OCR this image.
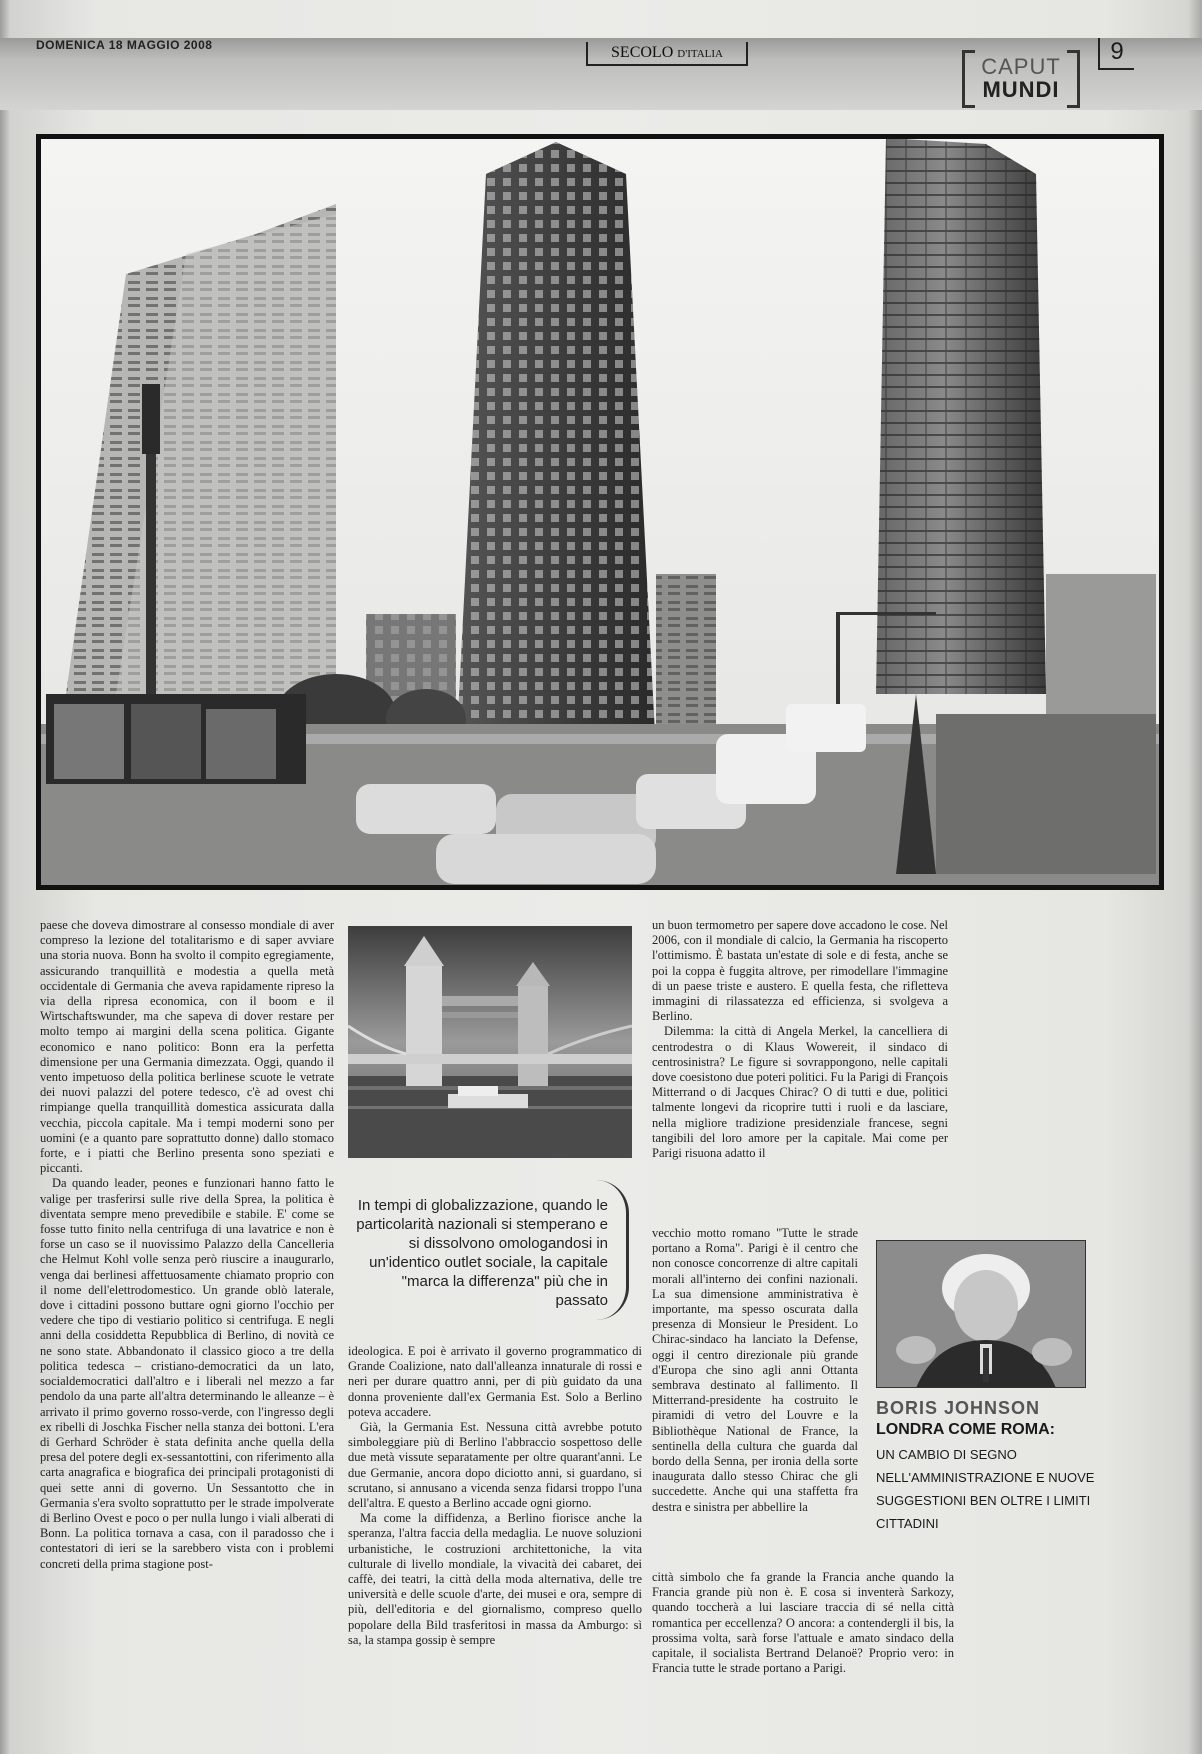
DOMENICA 18 MAGGIO 2008	SECOLO D'ITALIA	CAPUT
MUNDI
9

paese che doveva dimostrare al consesso mondiale di aver compreso la lezione del totalitarismo e di saper avviare una storia nuova. Bonn ha svolto il compito egregiamente, assicurando tranquillità e modestia a quella metà occidentale di Germania che aveva rapidamente ripreso la via della ripresa economica, con il boom e il Wirtschaftswunder, ma che sapeva di dover restare per molto tempo ai margini della scena politica. Gigante economico e nano politico: Bonn era la perfetta dimensione per una Germania dimezzata. Oggi, quando il vento impetuoso della politica berlinese scuote le vetrate dei nuovi palazzi del potere tedesco, c'è ad ovest chi rimpiange quella tranquillità domestica assicurata dalla vecchia, piccola capitale. Ma i tempi moderni sono per uomini (e a quanto pare soprattutto donne) dallo stomaco forte, e i piatti che Berlino presenta sono speziati e piccanti.

Da quando leader, peones e funzionari hanno fatto le valige per trasferirsi sulle rive della Sprea, la politica è diventata sempre meno prevedibile e stabile. E' come se fosse tutto finito nella centrifuga di una lavatrice e non è forse un caso se il nuovissimo Palazzo della Cancelleria che Helmut Kohl volle senza però riuscire a inaugurarlo, venga dai berlinesi affettuosamente chiamato proprio con il nome dell'elettrodomestico. Un grande oblò laterale, dove i cittadini possono buttare ogni giorno l'occhio per vedere che tipo di vestiario politico si centrifuga. E negli anni della cosiddetta Repubblica di Berlino, di novità ce ne sono state. Abbandonato il classico gioco a tre della politica tedesca – cristiano-democratici da un lato, socialdemocratici dall'altro e i liberali nel mezzo a far pendolo da una parte all'altra determinando le alleanze – è arrivato il primo governo rosso-verde, con l'ingresso degli ex ribelli di Joschka Fischer nella stanza dei bottoni. L'era di Gerhard Schröder è stata definita anche quella della presa del potere degli ex-sessantottini, con riferimento alla carta anagrafica e biografica dei principali protagonisti di quei sette anni di governo. Un Sessantotto che in Germania s'era svolto soprattutto per le strade impolverate di Berlino Ovest e poco o per nulla lungo i viali alberati di Bonn. La politica tornava a casa, con il paradosso che i contestatori di ieri se la sarebbero vista con i problemi concreti della prima stagione post-

In tempi di globalizzazione, quando le particolarità nazionali si stemperano e si dissolvono omologandosi in un'identico outlet sociale, la capitale "marca la differenza" più che in passato

ideologica. E poi è arrivato il governo programmatico di Grande Coalizione, nato dall'alleanza innaturale di rossi e neri per durare quattro anni, per di più guidato da una donna proveniente dall'ex Germania Est. Solo a Berlino poteva accadere.

Già, la Germania Est. Nessuna città avrebbe potuto simboleggiare più di Berlino l'abbraccio sospettoso delle due metà vissute separatamente per oltre quarant'anni. Le due Germanie, ancora dopo diciotto anni, si guardano, si scrutano, si annusano a vicenda senza fidarsi troppo l'una dell'altra. E questo a Berlino accade ogni giorno.

Ma come la diffidenza, a Berlino fiorisce anche la speranza, l'altra faccia della medaglia. Le nuove soluzioni urbanistiche, le costruzioni architettoniche, la vita culturale di livello mondiale, la vivacità dei cabaret, dei caffè, dei teatri, la città della moda alternativa, delle tre università e delle scuole d'arte, dei musei e ora, sempre di più, dell'editoria e del giornalismo, compreso quello popolare della Bild trasferitosi in massa da Amburgo: sì sa, la stampa gossip è sempre

un buon termometro per sapere dove accadono le cose. Nel 2006, con il mondiale di calcio, la Germania ha riscoperto l'ottimismo. È bastata un'estate di sole e di festa, anche se poi la coppa è fuggita altrove, per rimodellare l'immagine di un paese triste e austero. E quella festa, che rifletteva immagini di rilassatezza ed efficienza, si svolgeva a Berlino.

Dilemma: la città di Angela Merkel, la cancelliera di centrodestra o di Klaus Wowereit, il sindaco di centrosinistra? Le figure si sovrappongono, nelle capitali dove coesistono due poteri politici. Fu la Parigi di François Mitterrand o di Jacques Chirac? O di tutti e due, politici talmente longevi da ricoprire tutti i ruoli e da lasciare, nella migliore tradizione presidenziale francese, segni tangibili del loro amore per la capitale. Mai come per Parigi risuona adatto il

vecchio motto romano "Tutte le strade portano a Roma". Parigi è il centro che non conosce concorrenze di altre capitali morali all'interno dei confini nazionali. La sua dimensione amministrativa è importante, ma spesso oscurata dalla presenza di Monsieur le President. Lo Chirac-sindaco ha lanciato la Defense, oggi il centro direzionale più grande d'Europa che sino agli anni Ottanta sembrava destinato al fallimento. Il Mitterrand-presidente ha costruito le piramidi di vetro del Louvre e la Bibliothèque National de France, la sentinella della cultura che guarda dal bordo della Senna, per ironia della sorte inaugurata dallo stesso Chirac che gli succedette. Anche qui una staffetta fra destra e sinistra per abbellire la

città simbolo che fa grande la Francia anche quando la Francia grande più non è. E cosa si inventerà Sarkozy, quando toccherà a lui lasciare traccia di sé nella città romantica per eccellenza? O ancora: a contendergli il bis, la prossima volta, sarà forse l'attuale e amato sindaco della capitale, il socialista Bertrand Delanoë? Proprio vero: in Francia tutte le strade portano a Parigi.

BORIS JOHNSON
LONDRA COME ROMA:
UN CAMBIO DI SEGNO NELL'AMMINISTRAZIONE E NUOVE SUGGESTIONI BEN OLTRE I LIMITI CITTADINI
